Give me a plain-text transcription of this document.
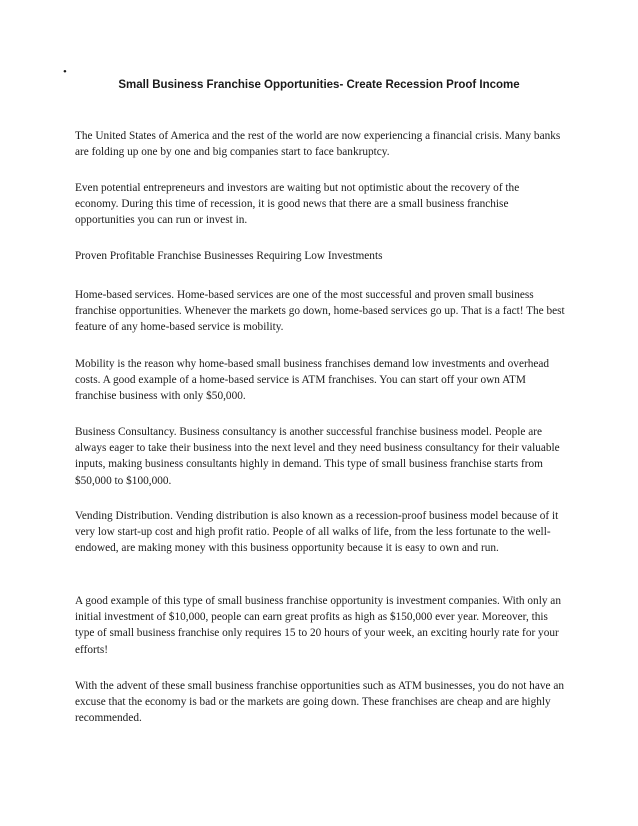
•
Small Business Franchise Opportunities- Create Recession Proof Income

The United States of America and the rest of the world are now experiencing a financial crisis. Many banks are folding up one by one and big companies start to face bankruptcy.

Even potential entrepreneurs and investors are waiting but not optimistic about the recovery of the economy. During this time of recession, it is good news that there are a small business franchise opportunities you can run or invest in.

Proven Profitable Franchise Businesses Requiring Low Investments

Home-based services. Home-based services are one of the most successful and proven small business franchise opportunities. Whenever the markets go down, home-based services go up. That is a fact! The best feature of any home-based service is mobility.

Mobility is the reason why home-based small business franchises demand low investments and overhead costs. A good example of a home-based service is ATM franchises. You can start off your own ATM franchise business with only $50,000.

Business Consultancy. Business consultancy is another successful franchise business model. People are always eager to take their business into the next level and they need business consultancy for their valuable inputs, making business consultants highly in demand. This type of small business franchise starts from $50,000 to $100,000.

Vending Distribution. Vending distribution is also known as a recession-proof business model because of it very low start-up cost and high profit ratio. People of all walks of life, from the less fortunate to the well-endowed, are making money with this business opportunity because it is easy to own and run.

A good example of this type of small business franchise opportunity is investment companies. With only an initial investment of $10,000, people can earn great profits as high as $150,000 ever year. Moreover, this type of small business franchise only requires 15 to 20 hours of your week, an exciting hourly rate for your efforts!

With the advent of these small business franchise opportunities such as ATM businesses, you do not have an excuse that the economy is bad or the markets are going down. These franchises are cheap and are highly recommended.
